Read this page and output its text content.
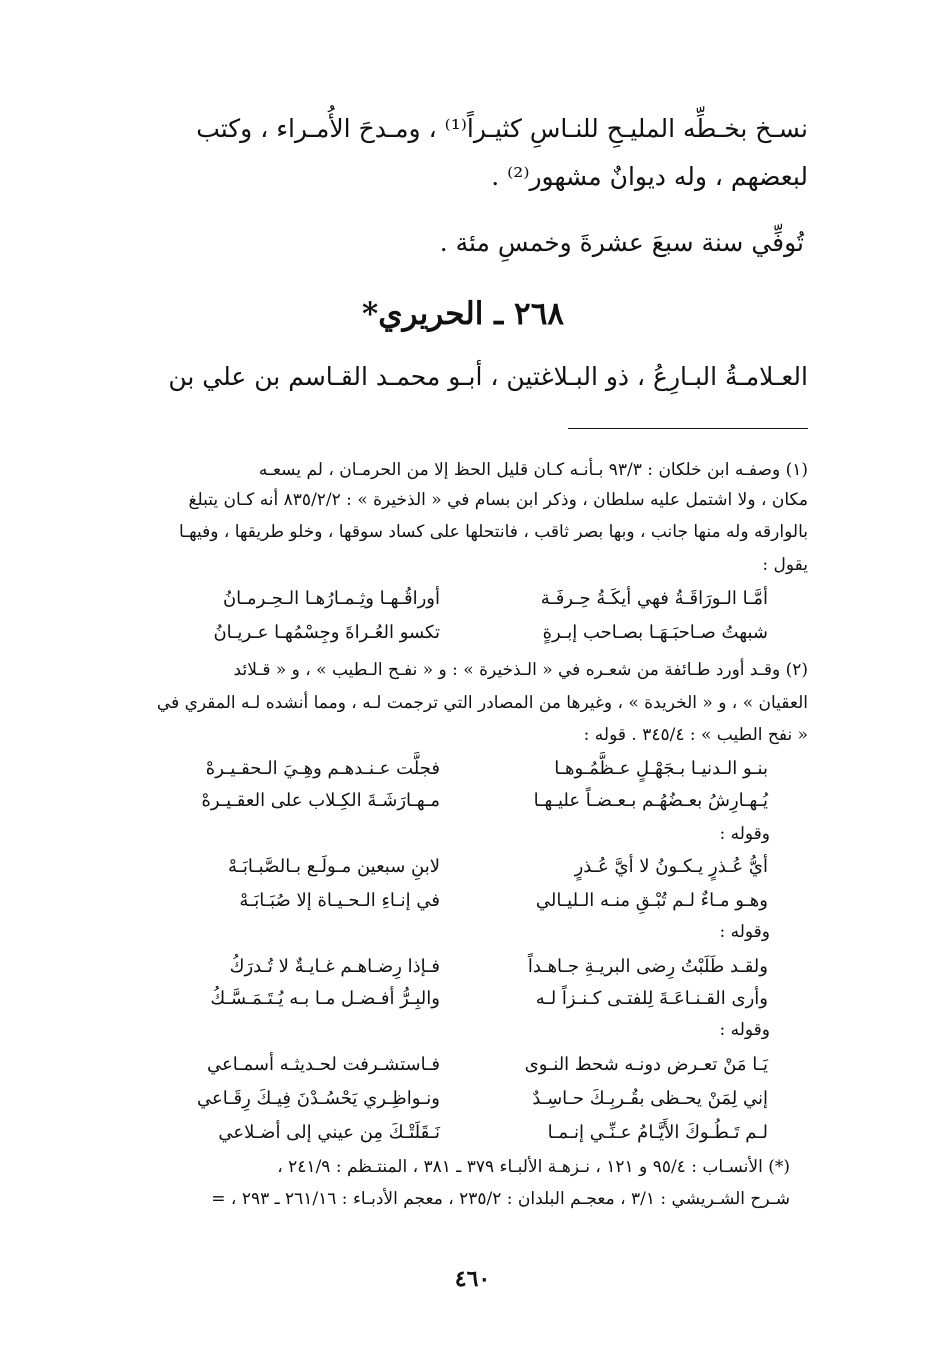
نسـخ بخـطِّه المليـحِ للنـاسِ كثيـراً⁽¹⁾ ، ومـدحَ الأُمـراء ، وكتب
لبعضهم ، وله ديوانٌ مشهور⁽²⁾ .
تُوفِّي سنة سبعَ عشرةَ وخمسِ مئة .
٢٦٨ ـ الحريري*
العـلامـةُ البـارِعُ ، ذو البـلاغتين ، أبـو محمـد القـاسم بن علي بن
(١) وصفـه ابن خلكان : ٩٣/٣ بـأنـه كـان قليل الحظ إلا من الحرمـان ، لم يسعـه
مكان ، ولا اشتمل عليه سلطان ، وذكر ابن بسام في « الذخيرة » : ٨٣٥/٢/٢ أنه كـان يتبلغ
بالوارقه وله منها جانب ، وبها بصر ثاقب ، فانتحلها على كساد سوقها ، وخلو طريقها ، وفيهـا
يقول :
أمَّـا الـورَاقَـةُ فهي أيكَـةُ حِـرفَـة
أوراقُـهـا وثِـمـارُهـا الـحِـرمـانُ
شبهتُ صـاحبَـهَـا بصـاحب إبـرةٍ
تكسو العُـراةَ وجِسْمُهـا عـريـانُ
(٢) وقـد أورد طـائفة من شعـره في « الـذخيرة » : و « نفـح الـطيب » ، و « قـلائد
العقيان » ، و « الخريدة » ، وغيرها من المصادر التي ترجمت لـه ، ومما أنشده لـه المقري في
« نفح الطيب » : ٣٤٥/٤ . قوله :
بنـو الـدنيـا بـجَهْـلٍ عـظَّمُـوهـا
فجلَّت عـنـدهـم وهِـيَ الـحقـيـرهْ
يُـهـارِشُ بعـضُهُـم بـعـضـاً عليـهـا
مـهـارَشَـةَ الكِـلاب على العقـيـرهْ
وقوله :
أيُّ عُـذرٍ يـكـونُ لا أيَّ عُـذرٍ
لابنِ سبعين مـولَـع بـالصَّبـابَـهْ
وهـو مـاءٌ لـم تُبْـقِ منـه الـليـالي
في إنـاءِ الـحـيـاة إلا صُبَـابَـهْ
وقوله :
ولقـد طَلَبْتُ رِضى البريـةِ جـاهـداً
فـإذا رِضـاهـم غـايـةٌ لا تُـدرَكُ
وأرى القـنـاعَـةَ لِلفتـى كـنـزاً لـه
والبِـرُّ أفـضـل مـا بـه يُـتَـمَـسَّـكُ
وقوله :
يَـا مَنْ تعـرض دونـه شحط النـوى
فـاستشـرفت لحـديثـه أسمـاعي
إني لِمَنْ يحـظى بقُـربِـكَ حـاسِـدٌ
ونـواظِـري يَحْسُـدْنَ فِيـكَ رِقَـاعي
لـم تَـطُـوكَ الأَيَّـامُ عـنِّـي إنـمـا
نَـقَلَتْـكَ مِن عيني إلى أضـلاعي
(*) الأنسـاب : ٩٥/٤ و ١٢١ ، نـزهـة الألبـاء ٣٧٩ ـ ٣٨١ ، المنتـظم : ٢٤١/٩ ،
شـرح الشـريشي : ٣/١ ، معجـم البلدان : ٢٣٥/٢ ، معجم الأدبـاء : ٢٦١/١٦ ـ ٢٩٣ ، =
٤٦٠
